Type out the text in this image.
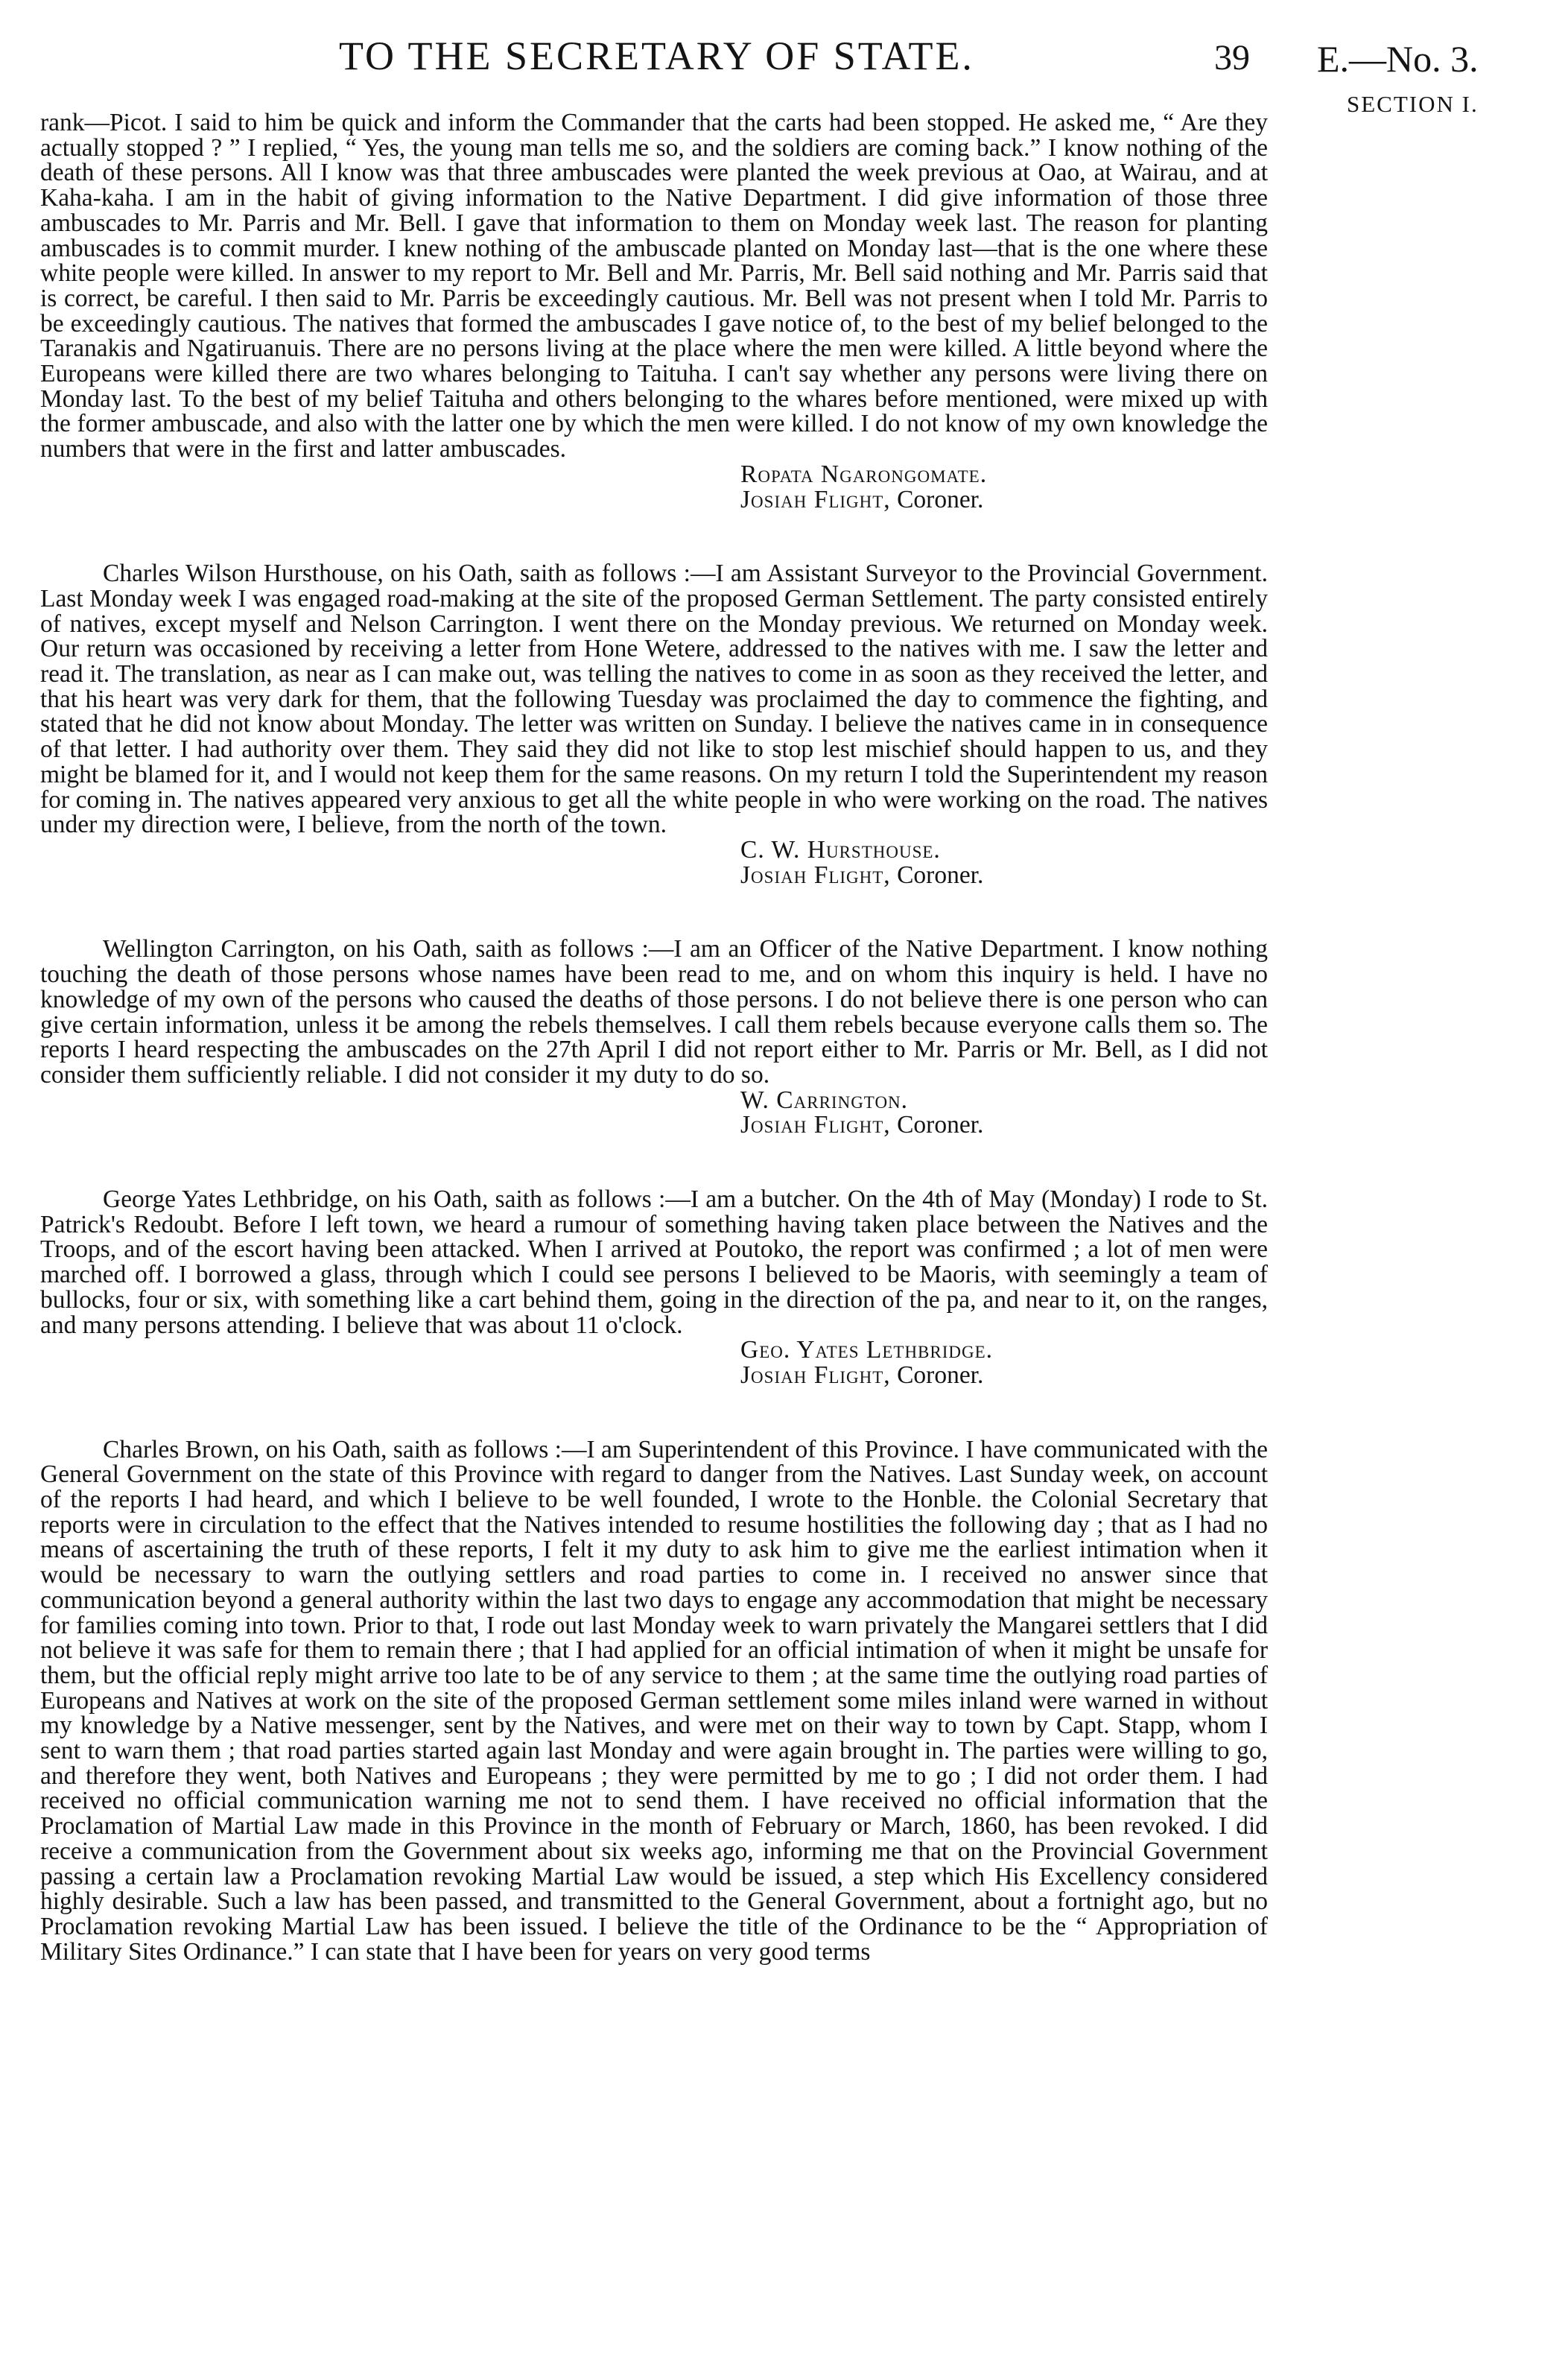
TO THE SECRETARY OF STATE.	39 E.—No. 3.
SECTION I.

rank—Picot. I said to him be quick and inform the Commander that the carts had been stopped. He asked me, “ Are they actually stopped ? ” I replied, “ Yes, the young man tells me so, and the soldiers are coming back.” I know nothing of the death of these persons. All I know was that three ambuscades were planted the week previous at Oao, at Wairau, and at Kaha-kaha. I am in the habit of giving information to the Native Department. I did give information of those three ambuscades to Mr. Parris and Mr. Bell. I gave that information to them on Monday week last. The reason for planting ambuscades is to commit murder. I knew nothing of the ambuscade planted on Monday last—that is the one where these white people were killed. In answer to my report to Mr. Bell and Mr. Parris, Mr. Bell said nothing and Mr. Parris said that is correct, be careful. I then said to Mr. Parris be exceedingly cautious. Mr. Bell was not present when I told Mr. Parris to be exceedingly cautious. The natives that formed the ambuscades I gave notice of, to the best of my belief belonged to the Taranakis and Ngatiruanuis. There are no persons living at the place where the men were killed. A little beyond where the Europeans were killed there are two whares belonging to Taituha. I can't say whether any persons were living there on Monday last. To the best of my belief Taituha and others belonging to the whares before mentioned, were mixed up with the former ambuscade, and also with the latter one by which the men were killed. I do not know of my own knowledge the numbers that were in the first and latter ambuscades.

Ropata Ngarongomate.

Josiah Flight, Coroner.

Charles Wilson Hursthouse, on his Oath, saith as follows :—I am Assistant Surveyor to the Provincial Government. Last Monday week I was engaged road-making at the site of the proposed German Settlement. The party consisted entirely of natives, except myself and Nelson Carrington. I went there on the Monday previous. We returned on Monday week. Our return was occasioned by receiving a letter from Hone Wetere, addressed to the natives with me. I saw the letter and read it. The translation, as near as I can make out, was telling the natives to come in as soon as they received the letter, and that his heart was very dark for them, that the following Tuesday was proclaimed the day to commence the fighting, and stated that he did not know about Monday. The letter was written on Sunday. I believe the natives came in in consequence of that letter. I had authority over them. They said they did not like to stop lest mischief should happen to us, and they might be blamed for it, and I would not keep them for the same reasons. On my return I told the Superintendent my reason for coming in. The natives appeared very anxious to get all the white people in who were working on the road. The natives under my direction were, I believe, from the north of the town.

C. W. Hursthouse.

Josiah Flight, Coroner.

Wellington Carrington, on his Oath, saith as follows :—I am an Officer of the Native Department. I know nothing touching the death of those persons whose names have been read to me, and on whom this inquiry is held. I have no knowledge of my own of the persons who caused the deaths of those persons. I do not believe there is one person who can give certain information, unless it be among the rebels themselves. I call them rebels because everyone calls them so. The reports I heard respecting the ambuscades on the 27th April I did not report either to Mr. Parris or Mr. Bell, as I did not consider them sufficiently reliable. I did not consider it my duty to do so.

W. Carrington.

Josiah Flight, Coroner.

George Yates Lethbridge, on his Oath, saith as follows :—I am a butcher. On the 4th of May (Monday) I rode to St. Patrick's Redoubt. Before I left town, we heard a rumour of something having taken place between the Natives and the Troops, and of the escort having been attacked. When I arrived at Poutoko, the report was confirmed ; a lot of men were marched off. I borrowed a glass, through which I could see persons I believed to be Maoris, with seemingly a team of bullocks, four or six, with something like a cart behind them, going in the direction of the pa, and near to it, on the ranges, and many persons attending. I believe that was about 11 o'clock.

Geo. Yates Lethbridge.

Josiah Flight, Coroner.

Charles Brown, on his Oath, saith as follows :—I am Superintendent of this Province. I have communicated with the General Government on the state of this Province with regard to danger from the Natives. Last Sunday week, on account of the reports I had heard, and which I believe to be well founded, I wrote to the Honble. the Colonial Secretary that reports were in circulation to the effect that the Natives intended to resume hostilities the following day ; that as I had no means of ascertaining the truth of these reports, I felt it my duty to ask him to give me the earliest intimation when it would be necessary to warn the outlying settlers and road parties to come in. I received no answer since that communication beyond a general authority within the last two days to engage any accommodation that might be necessary for families coming into town. Prior to that, I rode out last Monday week to warn privately the Mangarei settlers that I did not believe it was safe for them to remain there ; that I had applied for an official intimation of when it might be unsafe for them, but the official reply might arrive too late to be of any service to them ; at the same time the outlying road parties of Europeans and Natives at work on the site of the proposed German settlement some miles inland were warned in without my knowledge by a Native messenger, sent by the Natives, and were met on their way to town by Capt. Stapp, whom I sent to warn them ; that road parties started again last Monday and were again brought in. The parties were willing to go, and therefore they went, both Natives and Europeans ; they were permitted by me to go ; I did not order them. I had received no official communication warning me not to send them. I have received no official information that the Proclamation of Martial Law made in this Province in the month of February or March, 1860, has been revoked. I did receive a communication from the Government about six weeks ago, informing me that on the Provincial Government passing a certain law a Proclamation revoking Martial Law would be issued, a step which His Excellency considered highly desirable. Such a law has been passed, and transmitted to the General Government, about a fortnight ago, but no Proclamation revoking Martial Law has been issued. I believe the title of the Ordinance to be the “ Appropriation of Military Sites Ordinance.” I can state that I have been for years on very good terms
